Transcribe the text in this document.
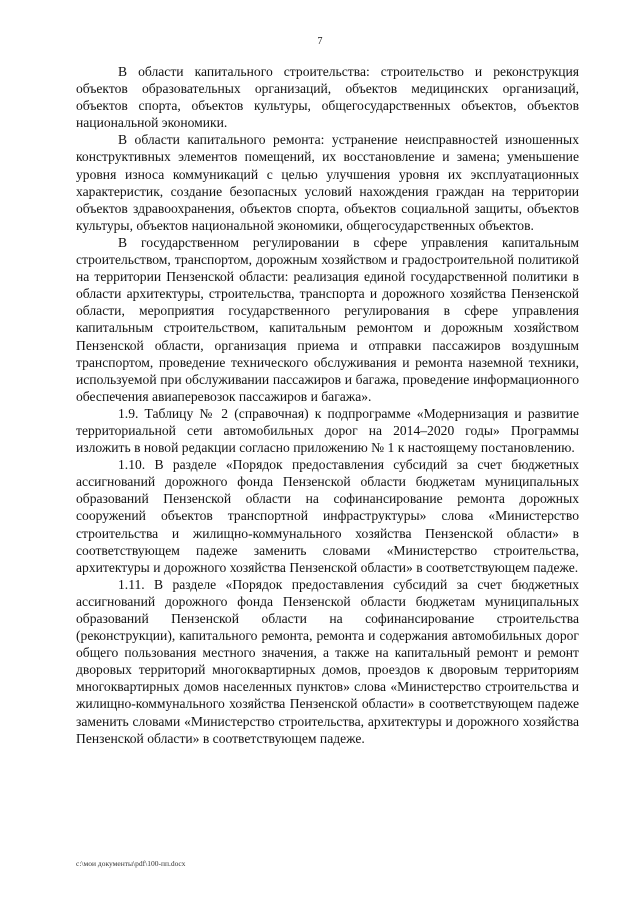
7

В области капитального строительства: строительство и реконструкция объектов образовательных организаций, объектов медицинских организаций, объектов спорта, объектов культуры, общегосударственных объектов, объектов национальной экономики.

В области капитального ремонта: устранение неисправностей изношенных конструктивных элементов помещений, их восстановление и замена; уменьшение уровня износа коммуникаций с целью улучшения уровня их эксплуатационных характеристик, создание безопасных условий нахождения граждан на территории объектов здравоохранения, объектов спорта, объектов социальной защиты, объектов культуры, объектов национальной экономики, общегосударственных объектов.

В государственном регулировании в сфере управления капитальным строительством, транспортом, дорожным хозяйством и градостроительной политикой на территории Пензенской области: реализация единой государственной политики в области архитектуры, строительства, транспорта и дорожного хозяйства Пензенской области, мероприятия государственного регулирования в сфере управления капитальным строительством, капитальным ремонтом и дорожным хозяйством Пензенской области, организация приема и отправки пассажиров воздушным транспортом, проведение технического обслуживания и ремонта наземной техники, используемой при обслуживании пассажиров и багажа, проведение информационного обеспечения авиаперевозок пассажиров и багажа».

1.9. Таблицу № 2 (справочная) к подпрограмме «Модернизация и развитие территориальной сети автомобильных дорог на 2014–2020 годы» Программы изложить в новой редакции согласно приложению № 1 к настоящему постановлению.

1.10. В разделе «Порядок предоставления субсидий за счет бюджетных ассигнований дорожного фонда Пензенской области бюджетам муниципальных образований Пензенской области на софинансирование ремонта дорожных сооружений объектов транспортной инфраструктуры» слова «Министерство строительства и жилищно-коммунального хозяйства Пензенской области» в соответствующем падеже заменить словами «Министерство строительства, архитектуры и дорожного хозяйства Пензенской области» в соответствующем падеже.

1.11. В разделе «Порядок предоставления субсидий за счет бюджетных ассигнований дорожного фонда Пензенской области бюджетам муниципальных образований Пензенской области на софинансирование строительства (реконструкции), капитального ремонта, ремонта и содержания автомобильных дорог общего пользования местного значения, а также на капитальный ремонт и ремонт дворовых территорий многоквартирных домов, проездов к дворовым территориям многоквартирных домов населенных пунктов» слова «Министерство строительства и жилищно-коммунального хозяйства Пензенской области» в соответствующем падеже заменить словами «Министерство строительства, архитектуры и дорожного хозяйства Пензенской области» в соответствующем падеже.

c:\мои документы\pdf\100-пп.docx
